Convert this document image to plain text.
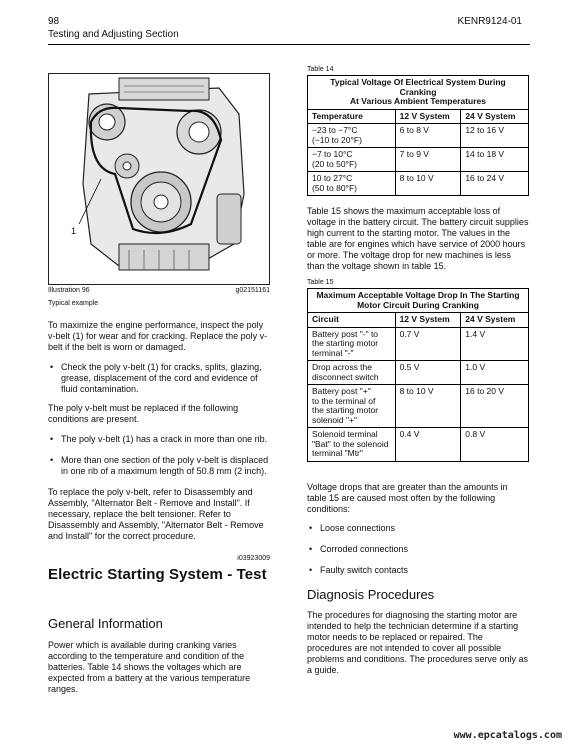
98
Testing and Adjusting Section
KENR9124-01
1
Illustration 96	g02151161
Typical example
To maximize the engine performance, inspect the poly v-belt (1) for wear and for cracking. Replace the poly v-belt if the belt is worn or damaged.
• Check the poly v-belt (1) for cracks, splits, glazing, grease, displacement of the cord and evidence of fluid contamination.
The poly v-belt must be replaced if the following conditions are present.
• The poly v-belt (1) has a crack in more than one rib.
• More than one section of the poly v-belt is displaced in one rib of a maximum length of 50.8 mm (2 inch).
To replace the poly v-belt, refer to Disassembly and Assembly, "Alternator Belt - Remove and Install". If necessary, replace the belt tensioner. Refer to Disassembly and Assembly, "Alternator Belt - Remove and Install" for the correct procedure.
i03923009
Electric Starting System - Test
General Information
Power which is available during cranking varies according to the temperature and condition of the batteries. Table 14 shows the voltages which are expected from a battery at the various temperature ranges.
Table 14
Typical Voltage Of Electrical System During Cranking
At Various Ambient Temperatures		
Temperature	12 V System	24 V System
−23 to −7°C
(−10 to 20°F)	6 to 8 V	12 to 16 V
−7 to 10°C
(20 to 50°F)	7 to 9 V	14 to 18 V
10 to 27°C
(50 to 80°F)	8 to 10 V	16 to 24 V
Table 15 shows the maximum acceptable loss of voltage in the battery circuit. The battery circuit supplies high current to the starting motor. The values in the table are for engines which have service of 2000 hours or more. The voltage drop for new machines is less than the voltage shown in table 15.
Table 15
Maximum Acceptable Voltage Drop In The Starting
Motor Circuit During Cranking		
Circuit	12 V System	24 V System
Battery post "-" to
the starting motor
terminal "-"	0.7 V	1.4 V
Drop across the
disconnect switch	0.5 V	1.0 V
Battery post "+"
to the terminal of
the starting motor
solenoid "+"	8 to 10 V	16 to 20 V
Solenoid terminal
"Bat" to the solenoid
terminal "Mtr"	0.4 V	0.8 V
Voltage drops that are greater than the amounts in table 15 are caused most often by the following conditions:
• Loose connections
• Corroded connections
• Faulty switch contacts
Diagnosis Procedures
The procedures for diagnosing the starting motor are intended to help the technician determine if a starting motor needs to be replaced or repaired. The procedures are not intended to cover all possible problems and conditions. The procedures serve only as a guide.
www.epcatalogs.com
